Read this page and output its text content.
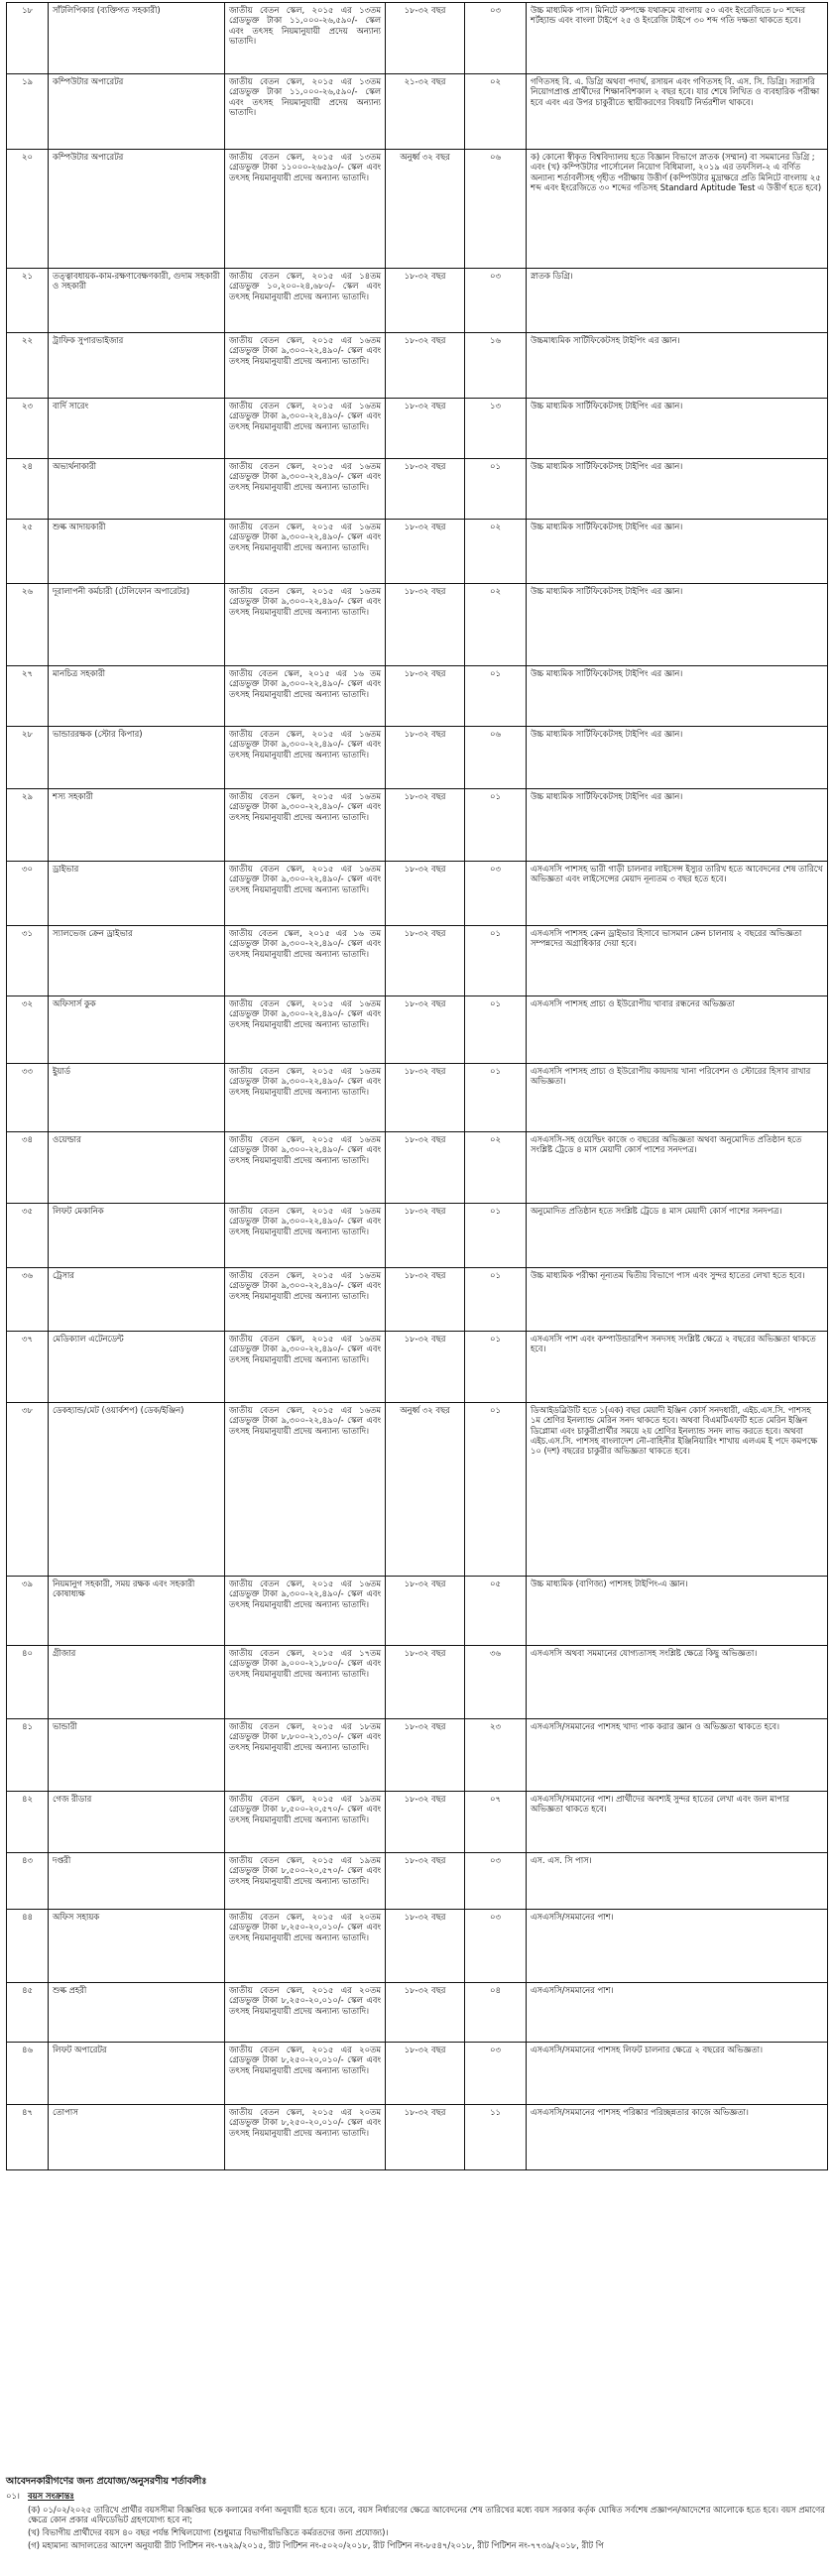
১৮	সাঁটলিপিকার (ব্যক্তিগত সহকারী)	জাতীয় বেতন স্কেল, ২০১৫ এর ১৩তম গ্রেডভুক্ত টাকা ১১,০০০-২৬,৫৯০/- স্কেল এবং তৎসহ নিয়মানুযায়ী প্রদেয় অন্যান্য ভাতাদি।	১৮-৩২ বছর	০৩	উচ্চ মাধ্যমিক পাস। মিনিটে কম্পক্ষে যথাক্রমে বাংলায় ৫০ এবং ইংরেজিতে ৮০ শব্দের শর্টহ্যান্ড এবং বাংলা টাইপে ২৫ ও ইংরেজি টাইপে ৩০ শব্দ গতি দক্ষতা থাকতে হবে।
১৯	কম্পিউটার অপারেটর	জাতীয় বেতন স্কেল, ২০১৫ এর ১৩তম গ্রেডভুক্ত টাকা ১১,০০০-২৬,৫৯০/- স্কেল এবং তৎসহ নিয়মানুযায়ী প্রদেয় অন্যান্য ভাতাদি।	২১-৩২ বছর	০২	গণিতসহ বি. এ. ডিগ্রি অথবা পদার্থ, রসায়ন এবং গণিতসহ বি. এস. সি. ডিগ্রি। সরাসরি নিয়োগপ্রাপ্ত প্রার্থীদের শিক্ষানবিশকাল ২ বছর হবে। যার শেষে লিখিত ও ব্যবহারিক পরীক্ষা হবে এবং এর উপর চাকুরীতে স্থায়ীকরণের বিষয়টি নির্ভরশীল থাকবে।
২০	কম্পিউটার অপারেটর	জাতীয় বেতন স্কেল, ২০১৫ এর ১৩তম গ্রেডভুক্ত টাকা ১১০০০-২৬৫৯০/- স্কেল এবং তৎসহ নিয়মানুযায়ী প্রদেয় অন্যান্য ভাতাদি।	অনুর্ধ্ব ৩২ বছর	০৬	ক) কোনো স্বীকৃত বিশ্ববিদ্যালয় হতে বিজ্ঞান বিভাগে স্নাতক (সম্মান) বা সমমানের ডিগ্রি ; এবং (খ) কম্পিউটার পার্সোনেল নিয়োগ বিধিমালা, ২০১৯ এর তফসিল-২ এ বর্ণিত অন্যান্য শর্তাবলীসহ গৃহীত পরীক্ষায় উত্তীর্ণ (কম্পিউটার মুদ্রাক্ষরে প্রতি মিনিটে বাংলায় ২৫ শব্দ এবং ইংরেজিতে ৩০ শব্দের গতিসহ Standard Aptitude Test এ উত্তীর্ণ হতে হবে)
২১	তত্ত্বাবধায়ক-কাম-রক্ষণাবেক্ষণকারী, গুদাম সহকারী ও সহকারী	জাতীয় বেতন স্কেল, ২০১৫ এর ১৪তম গ্রেডভুক্ত ১০,২০০-২৪,৬৮০/- স্কেল এবং তৎসহ নিয়মানুযায়ী প্রদেয় অন্যান্য ভাতাদি।	১৮-৩২ বছর	০৩	স্নাতক ডিগ্রি।
২২	ট্রাফিক সুপারভাইজার	জাতীয় বেতন স্কেল, ২০১৫ এর ১৬তম গ্রেডভুক্ত টাকা ৯,৩০০-২২,৪৯০/- স্কেল এবং তৎসহ নিয়মানুযায়ী প্রদেয় অন্যান্য ভাতাদি।	১৮-৩২ বছর	১৬	উচ্চমাধ্যমিক সার্টিফিকেটসহ টাইপিং এর জ্ঞান।
২৩	বার্দি সারেং	জাতীয় বেতন স্কেল, ২০১৫ এর ১৬তম গ্রেডভুক্ত টাকা ৯,৩০০-২২,৪৯০/- স্কেল এবং তৎসহ নিয়মানুযায়ী প্রদেয় অন্যান্য ভাতাদি।	১৮-৩২ বছর	১৩	উচ্চ মাধ্যমিক সার্টিফিকেটসহ টাইপিং এর জ্ঞান।
২৪	অভ্যর্থনাকারী	জাতীয় বেতন স্কেল, ২০১৫ এর ১৬তম গ্রেডভুক্ত টাকা ৯,৩০০-২২,৪৯০/- স্কেল এবং তৎসহ নিয়মানুযায়ী প্রদেয় অন্যান্য ভাতাদি।	১৮-৩২ বছর	০১	উচ্চ মাধ্যমিক সার্টিফিকেটসহ টাইপিং এর জ্ঞান।
২৫	শুল্ক আদায়কারী	জাতীয় বেতন স্কেল, ২০১৫ এর ১৬তম গ্রেডভুক্ত টাকা ৯,৩০০-২২,৪৯০/- স্কেল এবং তৎসহ নিয়মানুযায়ী প্রদেয় অন্যান্য ভাতাদি।	১৮-৩২ বছর	০২	উচ্চ মাধ্যমিক সার্টিফিকেটসহ টাইপিং এর জ্ঞান।
২৬	দূরালাপনী কর্মচারী (টেলিফোন অপারেটর)	জাতীয় বেতন স্কেল, ২০১৫ এর ১৬তম গ্রেডভুক্ত টাকা ৯,৩০০-২২,৪৯০/- স্কেল এবং তৎসহ নিয়মানুযায়ী প্রদেয় অন্যান্য ভাতাদি।	১৮-৩২ বছর	০২	উচ্চ মাধ্যমিক সার্টিফিকেটসহ টাইপিং এর জ্ঞান।
২৭	মানচিত্র সহকারী	জাতীয় বেতন স্কেল, ২০১৫ এর ১৬ তম গ্রেডভুক্ত টাকা ৯,৩০০-২২,৪৯০/- স্কেল এবং তৎসহ নিয়মানুযায়ী প্রদেয় অন্যান্য ভাতাদি।	১৮-৩২ বছর	০১	উচ্চ মাধ্যমিক সার্টিফিকেটসহ টাইপিং এর জ্ঞান।
২৮	ভান্ডাররক্ষক (স্টোর কিপার)	জাতীয় বেতন স্কেল, ২০১৫ এর ১৬তম গ্রেডভুক্ত টাকা ৯,৩০০-২২,৪৯০/- স্কেল এবং তৎসহ নিয়মানুযায়ী প্রদেয় অন্যান্য ভাতাদি।	১৮-৩২ বছর	০৬	উচ্চ মাধ্যমিক সার্টিফিকেটসহ টাইপিং এর জ্ঞান।
২৯	শস্য সহকারী	জাতীয় বেতন স্কেল, ২০১৫ এর ১৬তম গ্রেডভুক্ত টাকা ৯,৩০০-২২,৪৯০/- স্কেল এবং তৎসহ নিয়মানুযায়ী প্রদেয় অন্যান্য ভাতাদি।	১৮-৩২ বছর	০১	উচ্চ মাধ্যমিক সার্টিফিকেটসহ টাইপিং এর জ্ঞান।
৩০	ড্রাইভার	জাতীয় বেতন স্কেল, ২০১৫ এর ১৬তম গ্রেডভুক্ত টাকা ৯,৩০০-২২,৪৯০/- স্কেল এবং তৎসহ নিয়মানুযায়ী প্রদেয় অন্যান্য ভাতাদি।	১৮-৩২ বছর	০৩	এসএসসি পাশসহ ভারী গাড়ী চালনার লাইসেন্স ইস্যুর তারিখ হতে আবেদনের শেষ তারিখে অভিজ্ঞতা এবং লাইসেন্সের মেয়াদ নূন্যতম ৩ বছর হতে হবে।
৩১	স্যালভেজ ক্রেন ড্রাইভার	জাতীয় বেতন স্কেল, ২০১৫ এর ১৬ তম গ্রেডভুক্ত টাকা ৯,৩০০-২২,৪৯০/- স্কেল এবং তৎসহ নিয়মানুযায়ী প্রদেয় অন্যান্য ভাতাদি।	১৮-৩২ বছর	০১	এসএসসি পাশসহ ক্রেন ড্রাইভার হিসাবে ভাসমান ক্রেন চালনায় ২ বছরের অভিজ্ঞতা সম্পন্নদের অগ্রাধিকার দেয়া হবে।
৩২	অফিসার্স কুক	জাতীয় বেতন স্কেল, ২০১৫ এর ১৬তম গ্রেডভুক্ত টাকা ৯,৩০০-২২,৪৯০/- স্কেল এবং তৎসহ নিয়মানুযায়ী প্রদেয় অন্যান্য ভাতাদি।	১৮-৩২ বছর	০১	এসএসসি পাশসহ প্রাচ্য ও ইউরোপীয় খাবার রন্ধনের অভিজ্ঞতা
৩৩	ইুয়ার্ড	জাতীয় বেতন স্কেল, ২০১৫ এর ১৬তম গ্রেডভুক্ত টাকা ৯,৩০০-২২,৪৯০/- স্কেল এবং তৎসহ নিয়মানুযায়ী প্রদেয় অন্যান্য ভাতাদি।	১৮-৩২ বছর	০১	এসএসসি পাশসহ প্রাচ্য ও ইউরোপীয় কায়দায় খানা পরিবেশন ও স্টোরের হিসাব রাখার অভিজ্ঞতা।
৩৪	ওয়েল্ডার	জাতীয় বেতন স্কেল, ২০১৫ এর ১৬তম গ্রেডভুক্ত টাকা ৯,৩০০-২২,৪৯০/- স্কেল এবং তৎসহ নিয়মানুযায়ী প্রদেয় অন্যান্য ভাতাদি।	১৮-৩২ বছর	০২	এসএসসি-সহ ওয়েল্ডিং কাজে ৩ বছরের অভিজ্ঞতা অথবা অনুমোদিত প্রতিষ্ঠান হতে সংশ্লিষ্ট ট্রেডে ৪ মাস মেয়াদী কোর্স পাশের সনদপত্র।
৩৫	লিফট মেকানিক	জাতীয় বেতন স্কেল, ২০১৫ এর ১৬তম গ্রেডভুক্ত টাকা ৯,৩০০-২২,৪৯০/- স্কেল এবং তৎসহ নিয়মানুযায়ী প্রদেয় অন্যান্য ভাতাদি।	১৮-৩২ বছর	০১	অনুমোদিত প্রতিষ্ঠান হতে সংশ্লিষ্ট ট্রেডে ৪ মাস মেয়াদী কোর্স পাশের সনদপত্র।
৩৬	ট্রেসার	জাতীয় বেতন স্কেল, ২০১৫ এর ১৬তম গ্রেডভুক্ত টাকা ৯,৩০০-২২,৪৯০/- স্কেল এবং তৎসহ নিয়মানুযায়ী প্রদেয় অন্যান্য ভাতাদি।	১৮-৩২ বছর	০১	উচ্চ মাধ্যমিক পরীক্ষা নূন্যতম দ্বিতীয় বিভাগে পাস এবং সুন্দর হাতের লেখা হতে হবে।
৩৭	মেডিক্যাল এটেনডেন্ট	জাতীয় বেতন স্কেল, ২০১৫ এর ১৬তম গ্রেডভুক্ত টাকা ৯,৩০০-২২,৪৯০/- স্কেল এবং তৎসহ নিয়মানুযায়ী প্রদেয় অন্যান্য ভাতাদি।	১৮-৩২ বছর	০১	এসএসসি পাশ এবং কম্পাউন্ডারশিপ সনদসহ সংশ্লিষ্ট ক্ষেত্রে ২ বছরের অভিজ্ঞতা থাকতে হবে।
৩৮	ডেকহ্যান্ড/মেট (ওয়ার্কশপ) (ডেক/ইঞ্জিন)	জাতীয় বেতন স্কেল, ২০১৫ এর ১৬তম গ্রেডভুক্ত টাকা ৯,৩০০-২২,৪৯০/- স্কেল এবং তৎসহ নিয়মানুযায়ী প্রদেয় অন্যান্য ভাতাদি।	অনুর্ধ্ব ৩২ বছর	০১	ডিআইডব্লিউটি হতে ১(এক) বছর মেয়াদী ইঞ্জিন কোর্স সনদধারী, এইচ.এস.সি. পাশসহ ১ম শ্রেণির ইনল্যান্ড মেরিন সনদ থাকতে হবে। অথবা বিএমটিএফটি হতে মেরিন ইঞ্জিন ডিপ্লোমা এবং চাকুরীপ্রার্থীর সময়ে ২য় শ্রেণির ইনল্যান্ড সনদ লাভ করতে হবে। অথবা এইচ.এস.সি. পাশসহ বাংলাদেশ নৌ-বাহিনীর ইঞ্জিনিয়ারিং শাখায় এলএম ই পদে কমপক্ষে ১০ (দশ) বছরের চাকুরীর অভিজ্ঞতা থাকতে হবে।
৩৯	নিয়মানুগ সহকারী, সময় রক্ষক এবং সহকারী কোষাধ্যক্ষ	জাতীয় বেতন স্কেল, ২০১৫ এর ১৬তম গ্রেডভুক্ত টাকা ৯,৩০০-২২,৪৯০/- স্কেল এবং তৎসহ নিয়মানুযায়ী প্রদেয় অন্যান্য ভাতাদি।	১৮-৩২ বছর	০৫	উচ্চ মাধ্যমিক (বাণিজ্য) পাশসহ টাইপিং-এ জ্ঞান।
৪০	গ্রীজার	জাতীয় বেতন স্কেল, ২০১৫ এর ১৭তম গ্রেডভুক্ত টাকা ৯,০০০-২১,৮০০/- স্কেল এবং তৎসহ নিয়মানুযায়ী প্রদেয় অন্যান্য ভাতাদি।	১৮-৩২ বছর	৩৬	এসএসসি অথবা সমমানের যোগ্যতাসহ সংশ্লিষ্ট ক্ষেত্রে কিছু অভিজ্ঞতা।
৪১	ভান্ডারী	জাতীয় বেতন স্কেল, ২০১৫ এর ১৮তম গ্রেডভুক্ত টাকা ৮,৮০০-২১,৩১০/- স্কেল এবং তৎসহ নিয়মানুযায়ী প্রদেয় অন্যান্য ভাতাদি।	১৮-৩২ বছর	২৩	এসএসসি/সমমানের পাশসহ খাদ্য পাক করার জ্ঞান ও অভিজ্ঞতা থাকতে হবে।
৪২	গেজ রীডার	জাতীয় বেতন স্কেল, ২০১৫ এর ১৯তম গ্রেডভুক্ত টাকা ৮,৫০০-২০,৫৭০/- স্কেল এবং তৎসহ নিয়মানুযায়ী প্রদেয় অন্যান্য ভাতাদি।	১৮-৩২ বছর	০৭	এসএসসি/সমমানের পাশ। প্রার্থীদের অবশ্যই সুন্দর হাতের লেখা এবং জল মাপার অভিজ্ঞতা থাকতে হবে।
৪৩	দপ্তরী	জাতীয় বেতন স্কেল, ২০১৫ এর ১৯তম গ্রেডভুক্ত টাকা ৮,৫০০-২০,৫৭০/- স্কেল এবং তৎসহ নিয়মানুযায়ী প্রদেয় অন্যান্য ভাতাদি।	১৮-৩২ বছর	০৩	এস. এস. সি পাস।
৪৪	অফিস সহায়ক	জাতীয় বেতন স্কেল, ২০১৫ এর ২০তম গ্রেডভুক্ত টাকা ৮,২৫০-২০,০১০/- স্কেল এবং তৎসহ নিয়মানুযায়ী প্রদেয় অন্যান্য ভাতাদি।	১৮-৩২ বছর	০৩	এসএসসি/সমমানের পাশ।
৪৫	শুল্ক প্রহরী	জাতীয় বেতন স্কেল, ২০১৫ এর ২০তম গ্রেডভুক্ত টাকা ৮,২৫০-২০,০১০/- স্কেল এবং তৎসহ নিয়মানুযায়ী প্রদেয় অন্যান্য ভাতাদি।	১৮-৩২ বছর	০৪	এসএসসি/সমমানের পাশ।
৪৬	লিফট অপারেটর	জাতীয় বেতন স্কেল, ২০১৫ এর ২০তম গ্রেডভুক্ত টাকা ৮,২৫০-২০,০১০/- স্কেল এবং তৎসহ নিয়মানুযায়ী প্রদেয় অন্যান্য ভাতাদি।	১৮-৩২ বছর	০৩	এসএসসি/সমমানের পাশসহ লিফট চালনার ক্ষেত্রে ২ বছরের অভিজ্ঞতা।
৪৭	তোপাস	জাতীয় বেতন স্কেল, ২০১৫ এর ২০তম গ্রেডভুক্ত টাকা ৮,২৫০-২০,০১০/- স্কেল এবং তৎসহ নিয়মানুযায়ী প্রদেয় অন্যান্য ভাতাদি।	১৮-৩২ বছর	১১	এসএসসি/সমমানের পাশসহ পরিষ্কার পরিচ্ছন্নতার কাজে অভিজ্ঞতা।
আবেদনকারীগণের জন্য প্রযোজ্য/অনুসরণীয় শর্তাবলীঃ
০১। বয়স সংক্রান্তঃ
(ক) ০১/০২/২০২৫ তারিখে প্রার্থীর বয়সসীমা বিজ্ঞপ্তির ছকে কলামের বর্ণনা অনুযায়ী হতে হবে। তবে, বয়স নির্ধারণের ক্ষেত্রে আবেদনের শেষ তারিখের মধ্যে বয়স সরকার কর্তৃক ঘোষিত সর্বশেষ প্রজ্ঞাপন/আদেশের আলোকে হতে হবে। বয়স প্রমাণের ক্ষেত্রে কোন প্রকার এফিডেভিট গ্রহণযোগ্য হবে না;
(খ) বিভাগীয় প্রার্থীদের বয়স ৪০ বছর পর্যন্ত শিথিলযোগ্য (শুধুমাত্র বিভাগীয়ভিত্তিতে কর্মরতদের জন্য প্রযোজ্য)।
(গ) মহামান্য আদালতের আদেশ অনুযায়ী রীট পিটিশন নং-৭৬২৯/২০১৫, রীট পিটিশন নং-৫০২০/২০১৮, রীট পিটিশন নং-৮৫৪৭/২০১৮, রীট পিটিশন নং-৭৭৩৯/২০১৮, রীট পি
